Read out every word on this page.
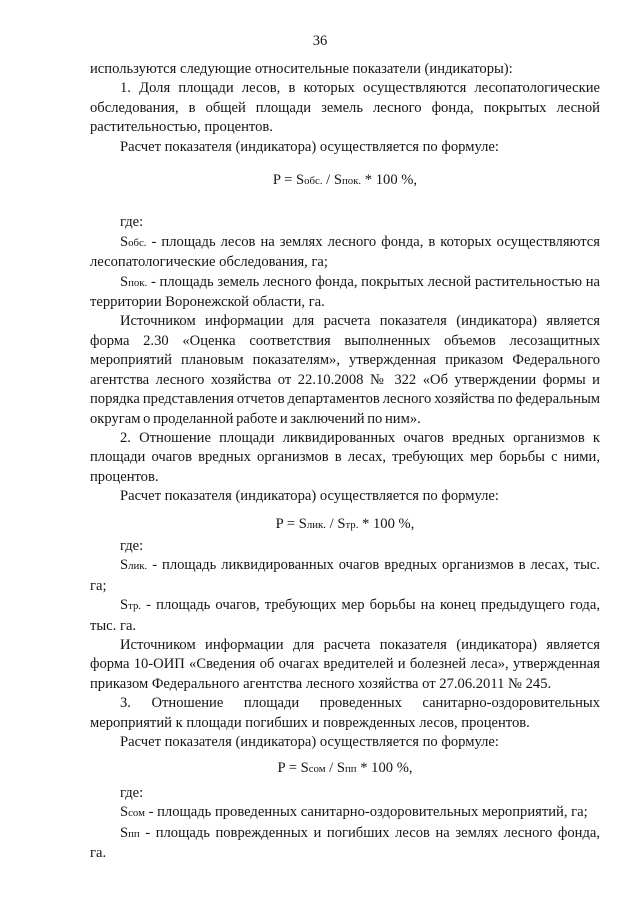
36

используются следующие относительные показатели (индикаторы):

1. Доля площади лесов, в которых осуществляются лесопатологические обследования, в общей площади земель лесного фонда, покрытых лесной растительностью, процентов.

Расчет показателя (индикатора) осуществляется по формуле:

P = Sобс. / Sпок. * 100 %,

где:

Sобс. - площадь лесов на землях лесного фонда, в которых осуществляются лесопатологические обследования, га;

Sпок. - площадь земель лесного фонда, покрытых лесной растительностью на территории Воронежской области, га.

Источником информации для расчета показателя (индикатора) является форма 2.30 «Оценка соответствия выполненных объемов лесозащитных мероприятий плановым показателям», утвержденная приказом Федерального агентства лесного хозяйства от 22.10.2008 № 322 «Об утверждении формы и порядка представления отчетов департаментов лесного хозяйства по федеральным округам о проделанной работе и заключений по ним».

2. Отношение площади ликвидированных очагов вредных организмов к площади очагов вредных организмов в лесах, требующих мер борьбы с ними, процентов.

Расчет показателя (индикатора) осуществляется по формуле:

P = Sлик. / Sтр. * 100 %,

где:

Sлик. - площадь ликвидированных очагов вредных организмов в лесах, тыс. га;

Sтр. - площадь очагов, требующих мер борьбы на конец предыдущего года, тыс. га.

Источником информации для расчета показателя (индикатора) является форма 10-ОИП «Сведения об очагах вредителей и болезней леса», утвержденная приказом Федерального агентства лесного хозяйства от 27.06.2011 № 245.

3. Отношение площади проведенных санитарно-оздоровительных мероприятий к площади погибших и поврежденных лесов, процентов.

Расчет показателя (индикатора) осуществляется по формуле:

P = Sсом / Sпп * 100 %,

где:

Sсом - площадь проведенных санитарно-оздоровительных мероприятий, га;

Sпп - площадь поврежденных и погибших лесов на землях лесного фонда, га.
